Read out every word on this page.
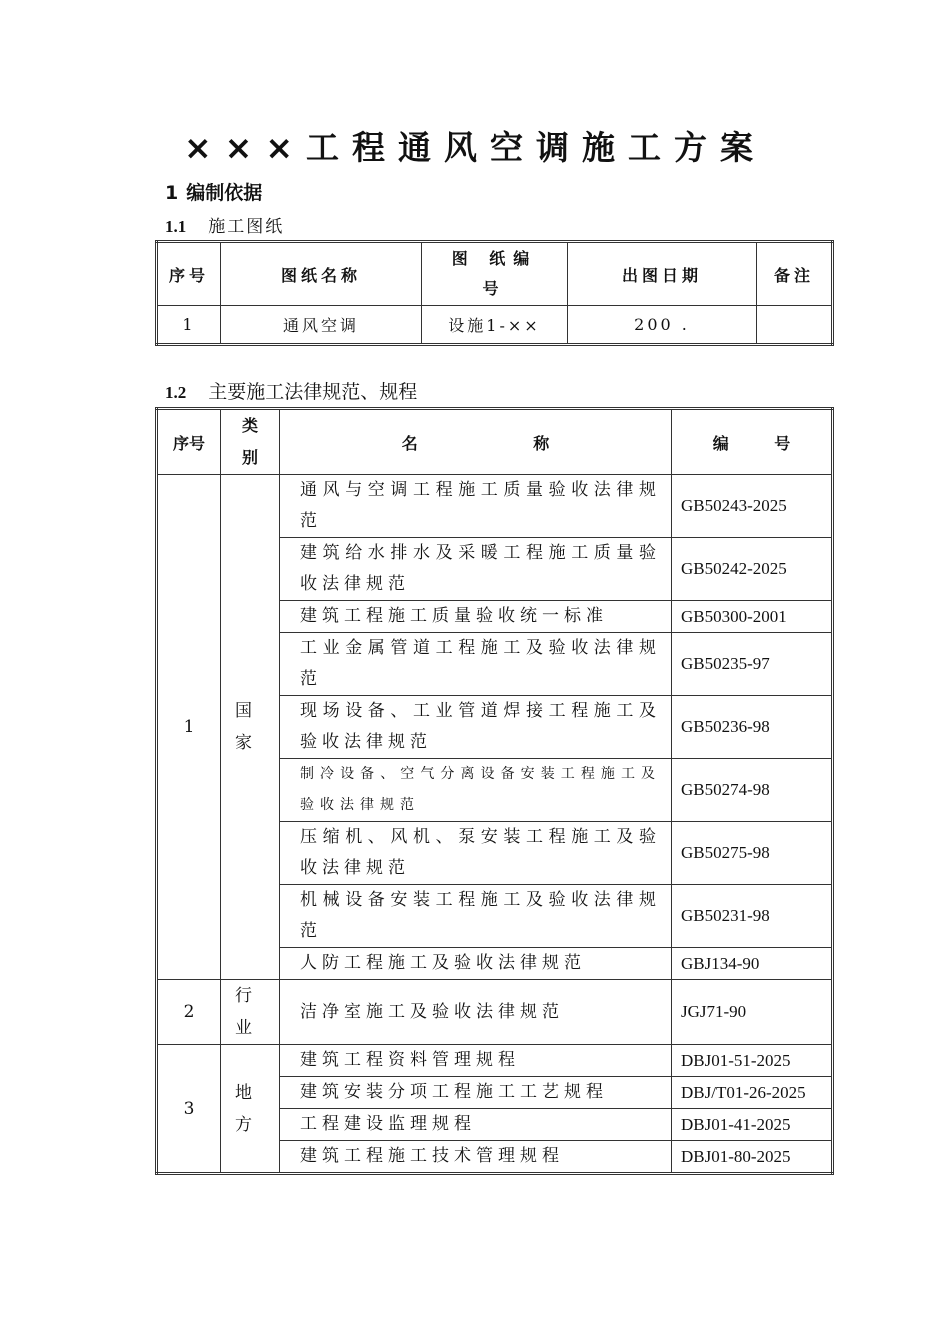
×××工程通风空调施工方案
1 编制依据
1.1 施工图纸
序号	图纸名称	图 纸编号	出图日期	备注
1	通风空调	设施1-××	200 .	
1.2 主要施工法律规范、规程
序号	类别	名 称	编 号
1	国家	通风与空调工程施工质量验收法律规范	GB50243-2025
		建筑给水排水及采暖工程施工质量验收法律规范	GB50242-2025
		建筑工程施工质量验收统一标准	GB50300-2001
		工业金属管道工程施工及验收法律规范	GB50235-97
		现场设备、工业管道焊接工程施工及验收法律规范	GB50236-98
		制冷设备、空气分离设备安装工程施工及验收法律规范	GB50274-98
		压缩机、风机、泵安装工程施工及验收法律规范	GB50275-98
		机械设备安装工程施工及验收法律规范	GB50231-98
		人防工程施工及验收法律规范	GBJ134-90
2	行业	洁净室施工及验收法律规范	JGJ71-90
3	地方	建筑工程资料管理规程	DBJ01-51-2025
		建筑安装分项工程施工工艺规程	DBJ/T01-26-2025
		工程建设监理规程	DBJ01-41-2025
		建筑工程施工技术管理规程	DBJ01-80-2025
